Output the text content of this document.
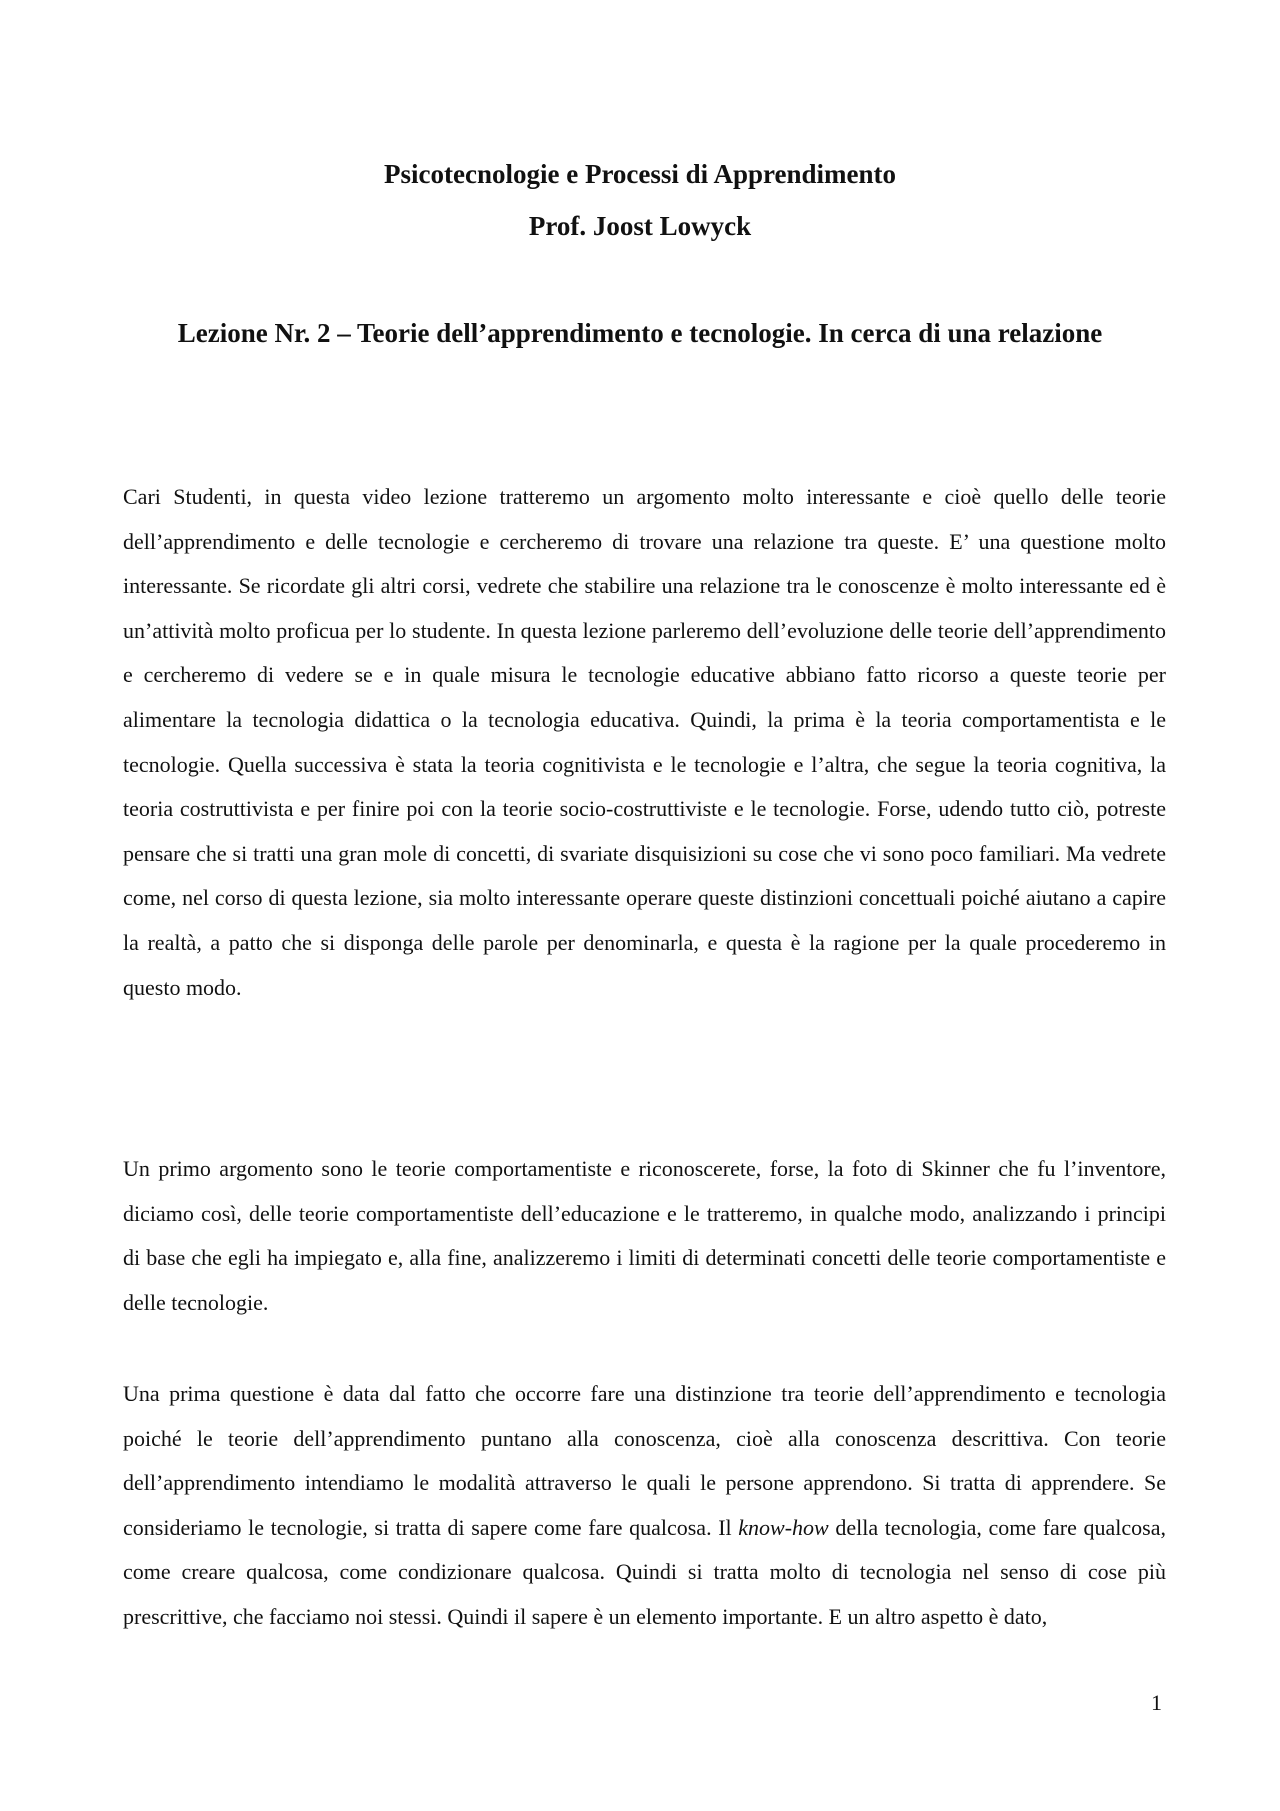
Psicotecnologie e Processi di Apprendimento
Prof. Joost Lowyck
Lezione Nr. 2 – Teorie dell’apprendimento e tecnologie. In cerca di una relazione

Cari Studenti, in questa video lezione tratteremo un argomento molto interessante e cioè quello delle teorie dell’apprendimento e delle tecnologie e cercheremo di trovare una relazione tra queste. E’ una questione molto interessante. Se ricordate gli altri corsi, vedrete che stabilire una relazione tra le conoscenze è molto interessante ed è un’attività molto proficua per lo studente. In questa lezione parleremo dell’evoluzione delle teorie dell’apprendimento e cercheremo di vedere se e in quale misura le tecnologie educative abbiano fatto ricorso a queste teorie per alimentare la tecnologia didattica o la tecnologia educativa. Quindi, la prima è la teoria comportamentista e le tecnologie. Quella successiva è stata la teoria cognitivista e le tecnologie e l’altra, che segue la teoria cognitiva, la teoria costruttivista e per finire poi con la teorie socio-costruttiviste e le tecnologie. Forse, udendo tutto ciò, potreste pensare che si tratti una gran mole di concetti, di svariate disquisizioni su cose che vi sono poco familiari. Ma vedrete come, nel corso di questa lezione, sia molto interessante operare queste distinzioni concettuali poiché aiutano a capire la realtà, a patto che si disponga delle parole per denominarla, e questa è la ragione per la quale procederemo in questo modo.

Un primo argomento sono le teorie comportamentiste e riconoscerete, forse, la foto di Skinner che fu l’inventore, diciamo così, delle teorie comportamentiste dell’educazione e le tratteremo, in qualche modo, analizzando i principi di base che egli ha impiegato e, alla fine, analizzeremo i limiti di determinati concetti delle teorie comportamentiste e delle tecnologie.

Una prima questione è data dal fatto che occorre fare una distinzione tra teorie dell’apprendimento e tecnologia poiché le teorie dell’apprendimento puntano alla conoscenza, cioè alla conoscenza descrittiva. Con teorie dell’apprendimento intendiamo le modalità attraverso le quali le persone apprendono. Si tratta di apprendere. Se consideriamo le tecnologie, si tratta di sapere come fare qualcosa. Il know-how della tecnologia, come fare qualcosa, come creare qualcosa, come condizionare qualcosa. Quindi si tratta molto di tecnologia nel senso di cose più prescrittive, che facciamo noi stessi. Quindi il sapere è un elemento importante. E un altro aspetto è dato,

1
